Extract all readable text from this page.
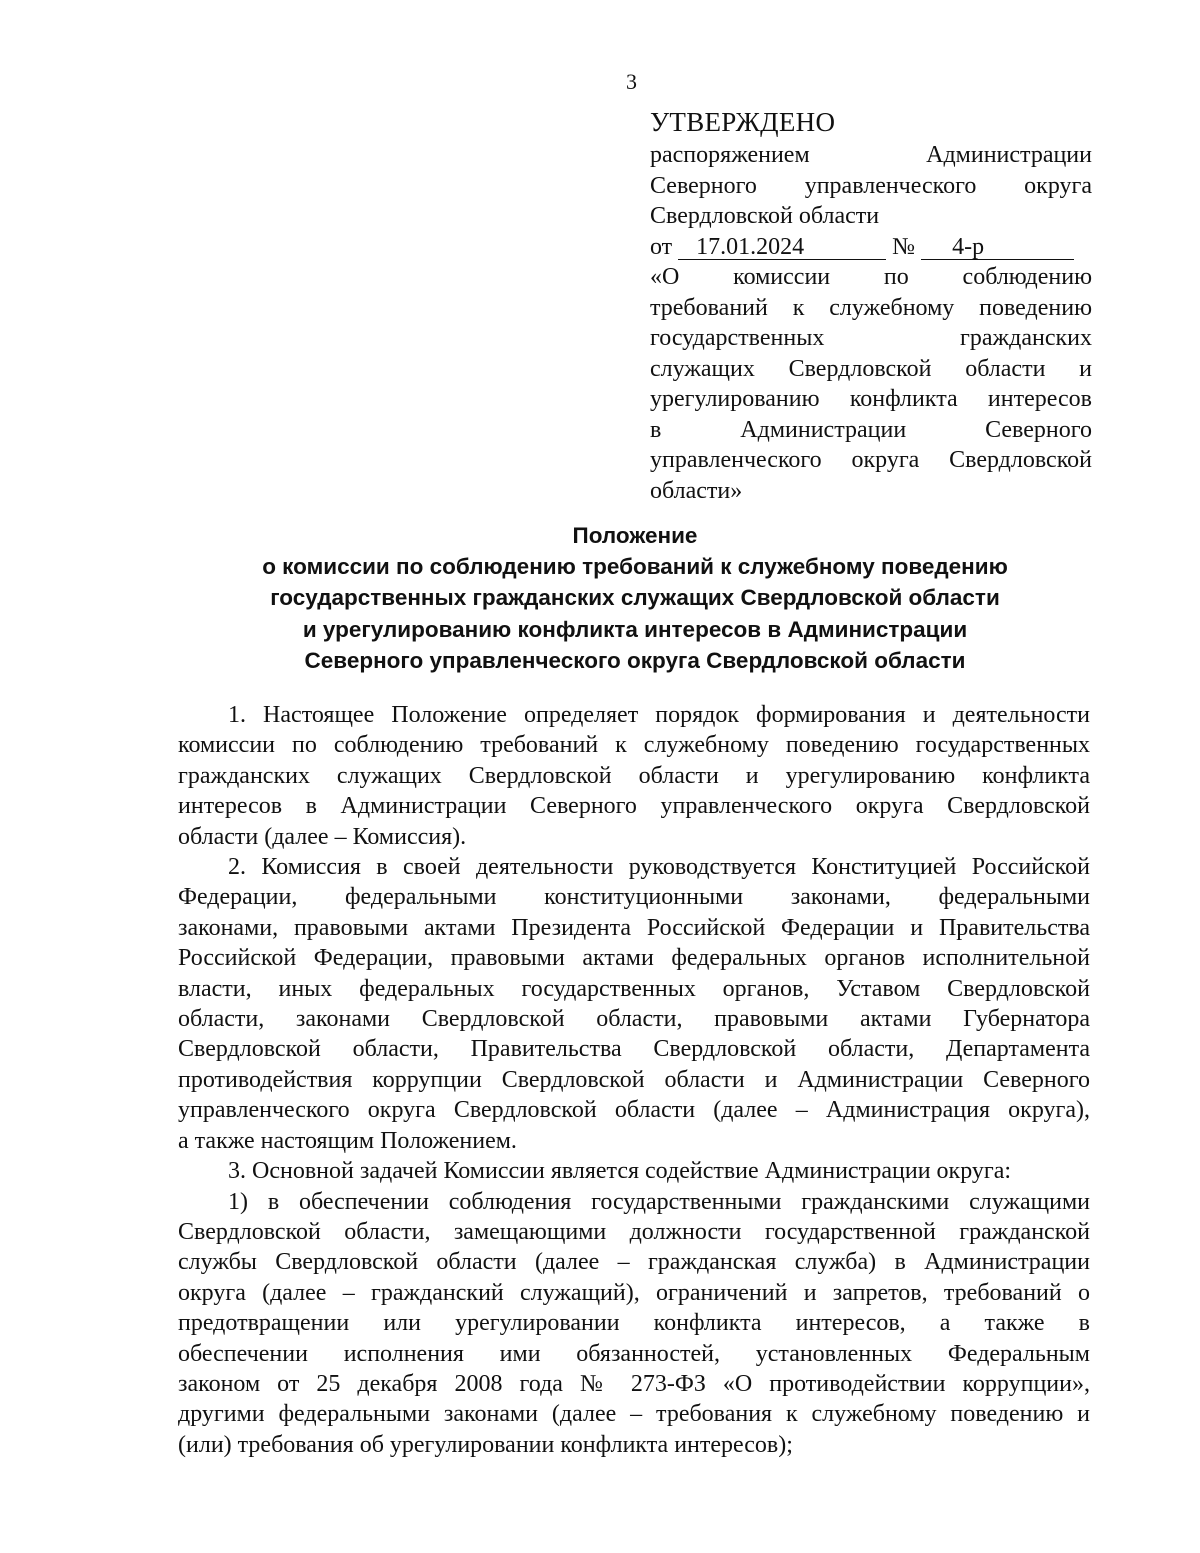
3
УТВЕРЖДЕНО
распоряжением Администрации
Северного управленческого округа
Свердловской области
от 17.01.2024	№ 4-р
«О комиссии по соблюдению
требований к служебному поведению
государственных гражданских
служащих Свердловской области и
урегулированию конфликта интересов
в Администрации Северного
управленческого округа Свердловской
области»
Положение
о комиссии по соблюдению требований к служебному поведению
государственных гражданских служащих Свердловской области
и урегулированию конфликта интересов в Администрации
Северного управленческого округа Свердловской области
1. Настоящее Положение определяет порядок формирования и деятельности
комиссии по соблюдению требований к служебному поведению государственных
гражданских служащих Свердловской области и урегулированию конфликта
интересов в Администрации Северного управленческого округа Свердловской
области (далее – Комиссия).
2. Комиссия в своей деятельности руководствуется Конституцией Российской
Федерации, федеральными конституционными законами, федеральными
законами, правовыми актами Президента Российской Федерации и Правительства
Российской Федерации, правовыми актами федеральных органов исполнительной
власти, иных федеральных государственных органов, Уставом Свердловской
области, законами Свердловской области, правовыми актами Губернатора
Свердловской области, Правительства Свердловской области, Департамента
противодействия коррупции Свердловской области и Администрации Северного
управленческого округа Свердловской области (далее – Администрация округа),
а также настоящим Положением.
3. Основной задачей Комиссии является содействие Администрации округа:
1) в обеспечении соблюдения государственными гражданскими служащими
Свердловской области, замещающими должности государственной гражданской
службы Свердловской области (далее – гражданская служба) в Администрации
округа (далее – гражданский служащий), ограничений и запретов, требований о
предотвращении или урегулировании конфликта интересов, а также в
обеспечении исполнения ими обязанностей, установленных Федеральным
законом от 25 декабря 2008 года № 273-ФЗ «О противодействии коррупции»,
другими федеральными законами (далее – требования к служебному поведению и
(или) требования об урегулировании конфликта интересов);
